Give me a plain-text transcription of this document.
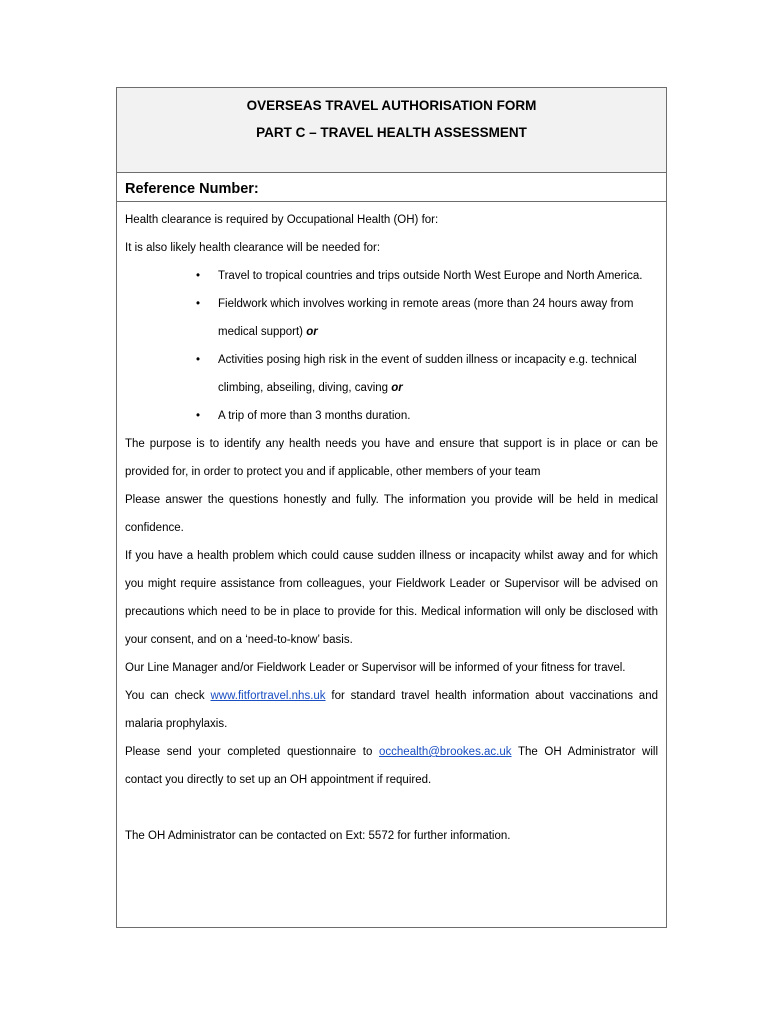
OVERSEAS TRAVEL AUTHORISATION FORM
PART C – TRAVEL HEALTH ASSESSMENT
Reference Number:

Health clearance is required by Occupational Health (OH) for:

It is also likely health clearance will be needed for:

• Travel to tropical countries and trips outside North West Europe and North America.
• Fieldwork which involves working in remote areas (more than 24 hours away from medical support) or
• Activities posing high risk in the event of sudden illness or incapacity e.g. technical climbing, abseiling, diving, caving or
• A trip of more than 3 months duration.

The purpose is to identify any health needs you have and ensure that support is in place or can be provided for, in order to protect you and if applicable, other members of your team

Please answer the questions honestly and fully. The information you provide will be held in medical confidence.

If you have a health problem which could cause sudden illness or incapacity whilst away and for which you might require assistance from colleagues, your Fieldwork Leader or Supervisor will be advised on precautions which need to be in place to provide for this. Medical information will only be disclosed with your consent, and on a ‘need-to-know’ basis.

Our Line Manager and/or Fieldwork Leader or Supervisor will be informed of your fitness for travel.

You can check www.fitfortravel.nhs.uk for standard travel health information about vaccinations and malaria prophylaxis.

Please send your completed questionnaire to occhealth@brookes.ac.uk The OH Administrator will contact you directly to set up an OH appointment if required.

The OH Administrator can be contacted on Ext: 5572 for further information.
